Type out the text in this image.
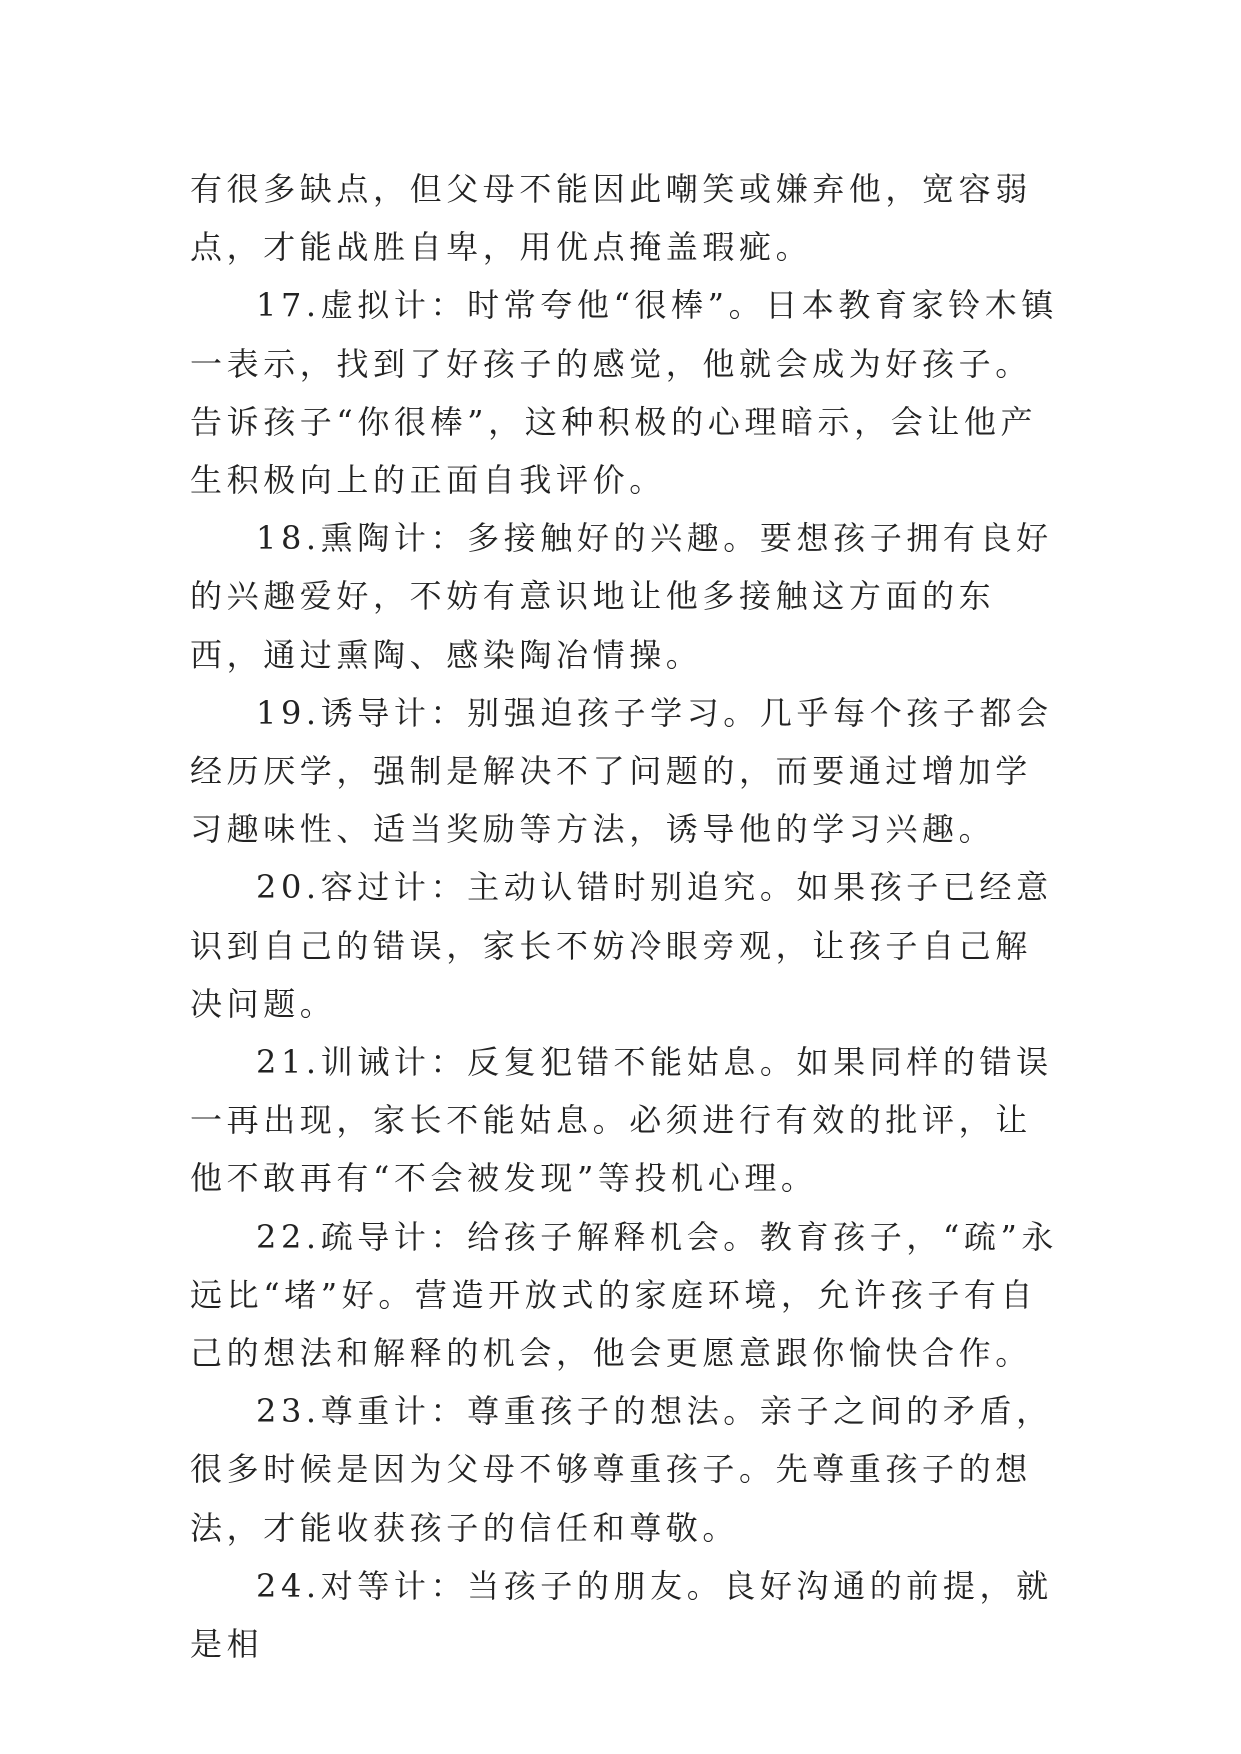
有很多缺点，但父母不能因此嘲笑或嫌弃他，宽容弱点，才能战胜自卑，用优点掩盖瑕疵。

17.虚拟计：时常夸他“很棒”。日本教育家铃木镇一表示，找到了好孩子的感觉，他就会成为好孩子。告诉孩子“你很棒”，这种积极的心理暗示，会让他产生积极向上的正面自我评价。

18.熏陶计：多接触好的兴趣。要想孩子拥有良好的兴趣爱好，不妨有意识地让他多接触这方面的东西，通过熏陶、感染陶冶情操。

19.诱导计：别强迫孩子学习。几乎每个孩子都会经历厌学，强制是解决不了问题的，而要通过增加学习趣味性、适当奖励等方法，诱导他的学习兴趣。

20.容过计：主动认错时别追究。如果孩子已经意识到自己的错误，家长不妨冷眼旁观，让孩子自己解决问题。

21.训诫计：反复犯错不能姑息。如果同样的错误一再出现，家长不能姑息。必须进行有效的批评，让他不敢再有“不会被发现”等投机心理。

22.疏导计：给孩子解释机会。教育孩子，“疏”永远比“堵”好。营造开放式的家庭环境，允许孩子有自己的想法和解释的机会，他会更愿意跟你愉快合作。

23.尊重计：尊重孩子的想法。亲子之间的矛盾，很多时候是因为父母不够尊重孩子。先尊重孩子的想法，才能收获孩子的信任和尊敬。

24.对等计：当孩子的朋友。良好沟通的前提，就是相
